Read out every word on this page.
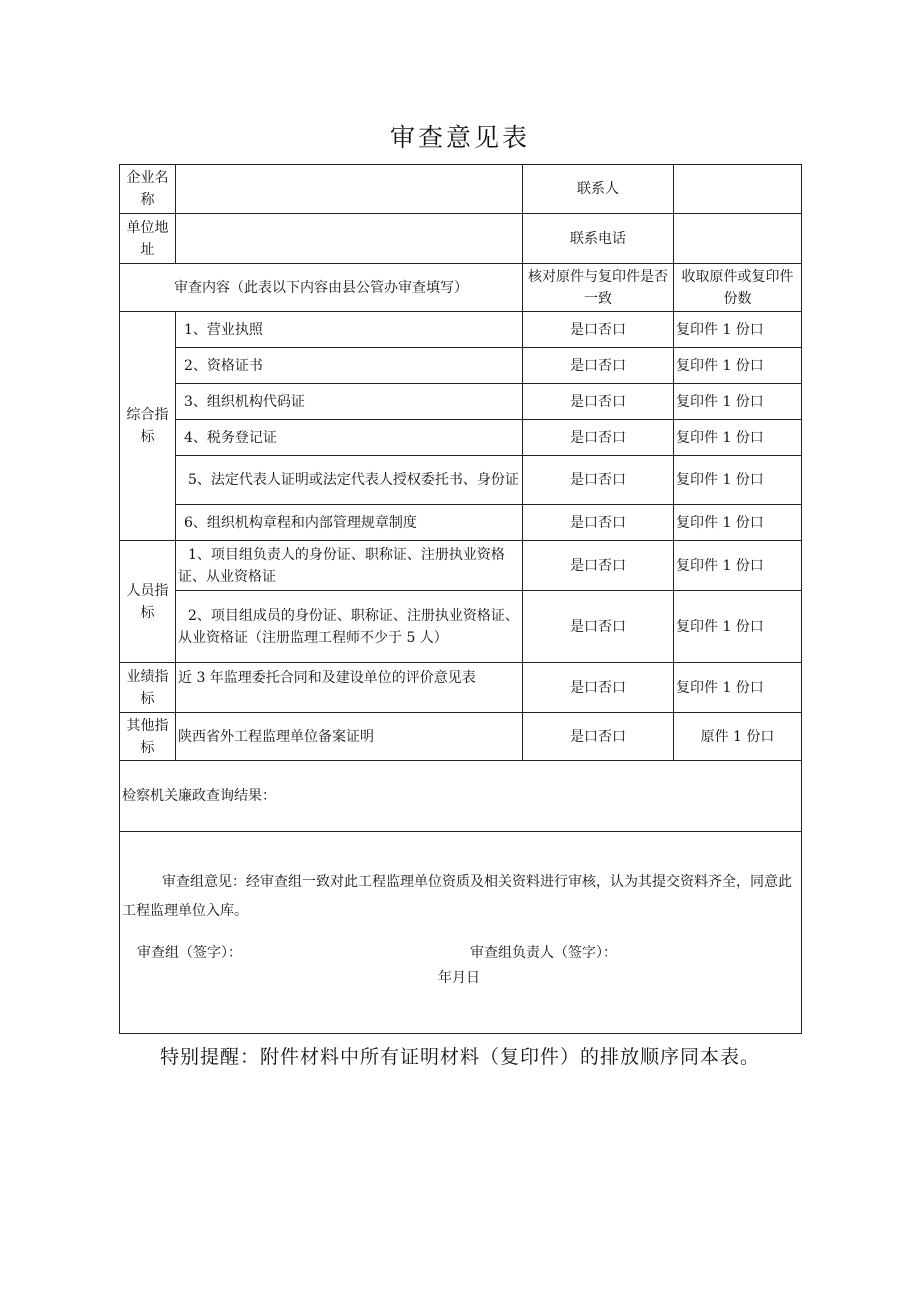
审查意见表
企业名称		联系人	
单位地址		联系电话	
审查内容（此表以下内容由县公管办审查填写）		核对原件与复印件是否一致	收取原件或复印件份数
综合指标	1、营业执照	是口否口	复印件 1 份口
	2、资格证书	是口否口	复印件 1 份口
	3、组织机构代码证	是口否口	复印件 1 份口
	4、税务登记证	是口否口	复印件 1 份口
	5、法定代表人证明或法定代表人授权委托书、身份证	是口否口	复印件 1 份口
	6、组织机构章程和内部管理规章制度	是口否口	复印件 1 份口
人员指标	1、项目组负责人的身份证、职称证、注册执业资格证、从业资格证	是口否口	复印件 1 份口
	2、项目组成员的身份证、职称证、注册执业资格证、从业资格证（注册监理工程师不少于 5 人）	是口否口	复印件 1 份口
业绩指标	近 3 年监理委托合同和及建设单位的评价意见表	是口否口	复印件 1 份口
其他指标	陕西省外工程监理单位备案证明	是口否口	原件 1 份口
检察机关廉政查询结果：			

审查组意见：经审查组一致对此工程监理单位资质及相关资料进行审核，认为其提交资料齐全，同意此工程监理单位入库。
审查组（签字）： 审查组负责人（签字）：
年月日			
特别提醒：附件材料中所有证明材料（复印件）的排放顺序同本表。
